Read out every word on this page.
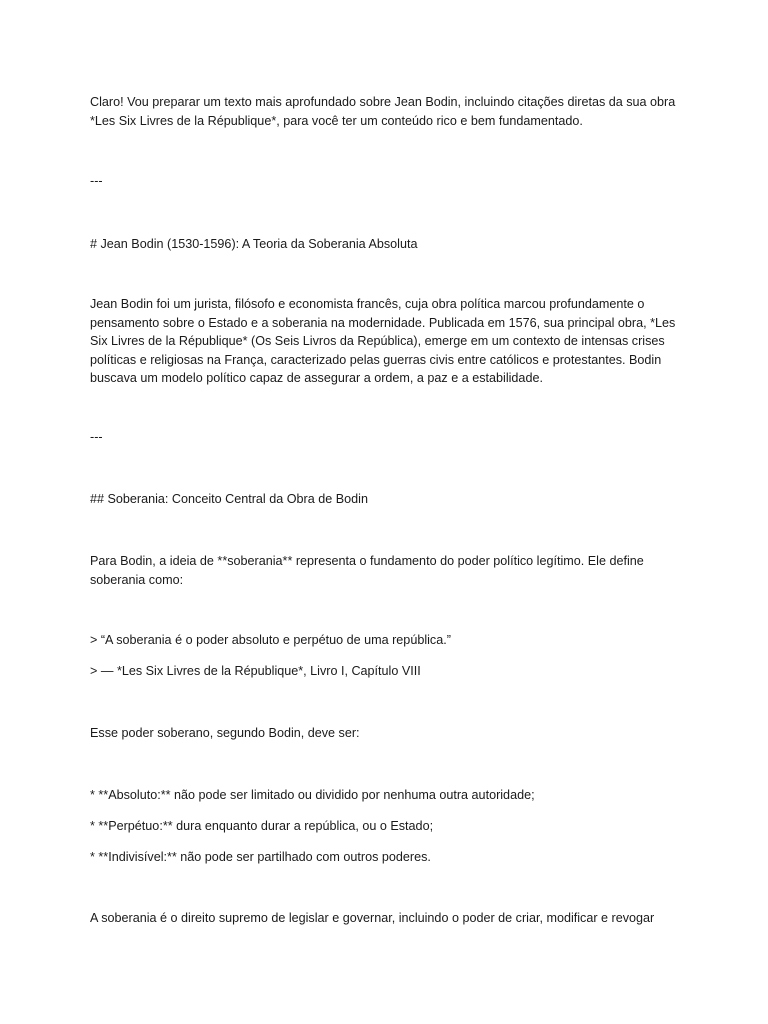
Claro! Vou preparar um texto mais aprofundado sobre Jean Bodin, incluindo citações diretas da sua obra *Les Six Livres de la République*, para você ter um conteúdo rico e bem fundamentado.

---

# Jean Bodin (1530-1596): A Teoria da Soberania Absoluta

Jean Bodin foi um jurista, filósofo e economista francês, cuja obra política marcou profundamente o pensamento sobre o Estado e a soberania na modernidade. Publicada em 1576, sua principal obra, *Les Six Livres de la République* (Os Seis Livros da República), emerge em um contexto de intensas crises políticas e religiosas na França, caracterizado pelas guerras civis entre católicos e protestantes. Bodin buscava um modelo político capaz de assegurar a ordem, a paz e a estabilidade.

---

## Soberania: Conceito Central da Obra de Bodin

Para Bodin, a ideia de **soberania** representa o fundamento do poder político legítimo. Ele define soberania como:

> “A soberania é o poder absoluto e perpétuo de uma república.”

> — *Les Six Livres de la République*, Livro I, Capítulo VIII

Esse poder soberano, segundo Bodin, deve ser:

* **Absoluto:** não pode ser limitado ou dividido por nenhuma outra autoridade;

* **Perpétuo:** dura enquanto durar a república, ou o Estado;

* **Indivisível:** não pode ser partilhado com outros poderes.

A soberania é o direito supremo de legislar e governar, incluindo o poder de criar, modificar e revogar
